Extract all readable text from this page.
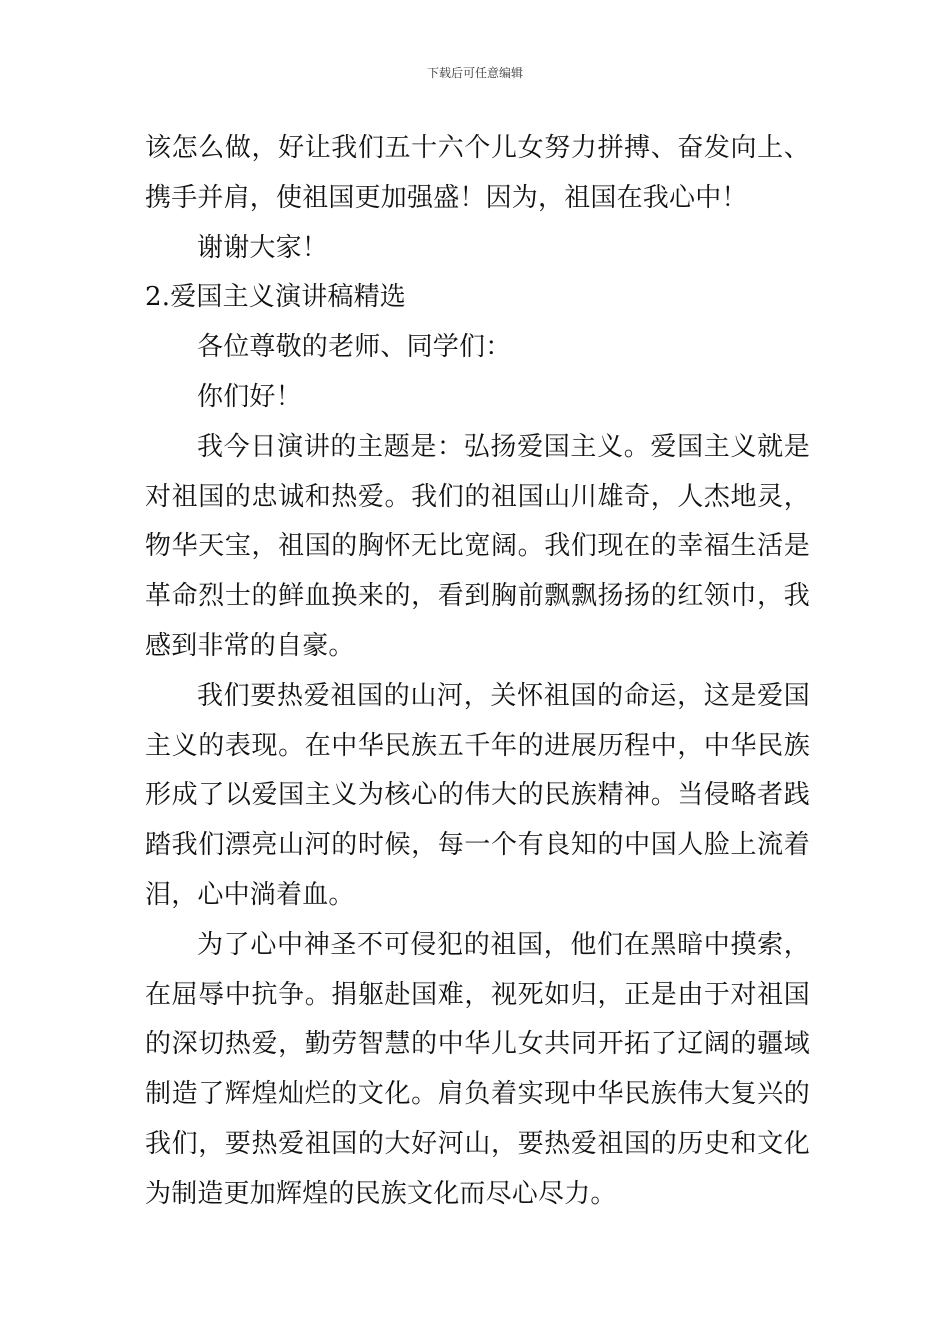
下载后可任意编辑

该怎么做，好让我们五十六个儿女努力拼搏、奋发向上、携手并肩，使祖国更加强盛！因为，祖国在我心中！

谢谢大家！

2.爱国主义演讲稿精选

各位尊敬的老师、同学们：

你们好！

我今日演讲的主题是：弘扬爱国主义。爱国主义就是对祖国的忠诚和热爱。我们的祖国山川雄奇，人杰地灵，物华天宝，祖国的胸怀无比宽阔。我们现在的幸福生活是革命烈士的鲜血换来的，看到胸前飘飘扬扬的红领巾，我感到非常的自豪。

我们要热爱祖国的山河，关怀祖国的命运，这是爱国主义的表现。在中华民族五千年的进展历程中，中华民族形成了以爱国主义为核心的伟大的民族精神。当侵略者践踏我们漂亮山河的时候，每一个有良知的中国人脸上流着泪，心中淌着血。

为了心中神圣不可侵犯的祖国，他们在黑暗中摸索，在屈辱中抗争。捐躯赴国难，视死如归，正是由于对祖国的深切热爱，勤劳智慧的中华儿女共同开拓了辽阔的疆域制造了辉煌灿烂的文化。肩负着实现中华民族伟大复兴的我们，要热爱祖国的大好河山，要热爱祖国的历史和文化为制造更加辉煌的民族文化而尽心尽力。
